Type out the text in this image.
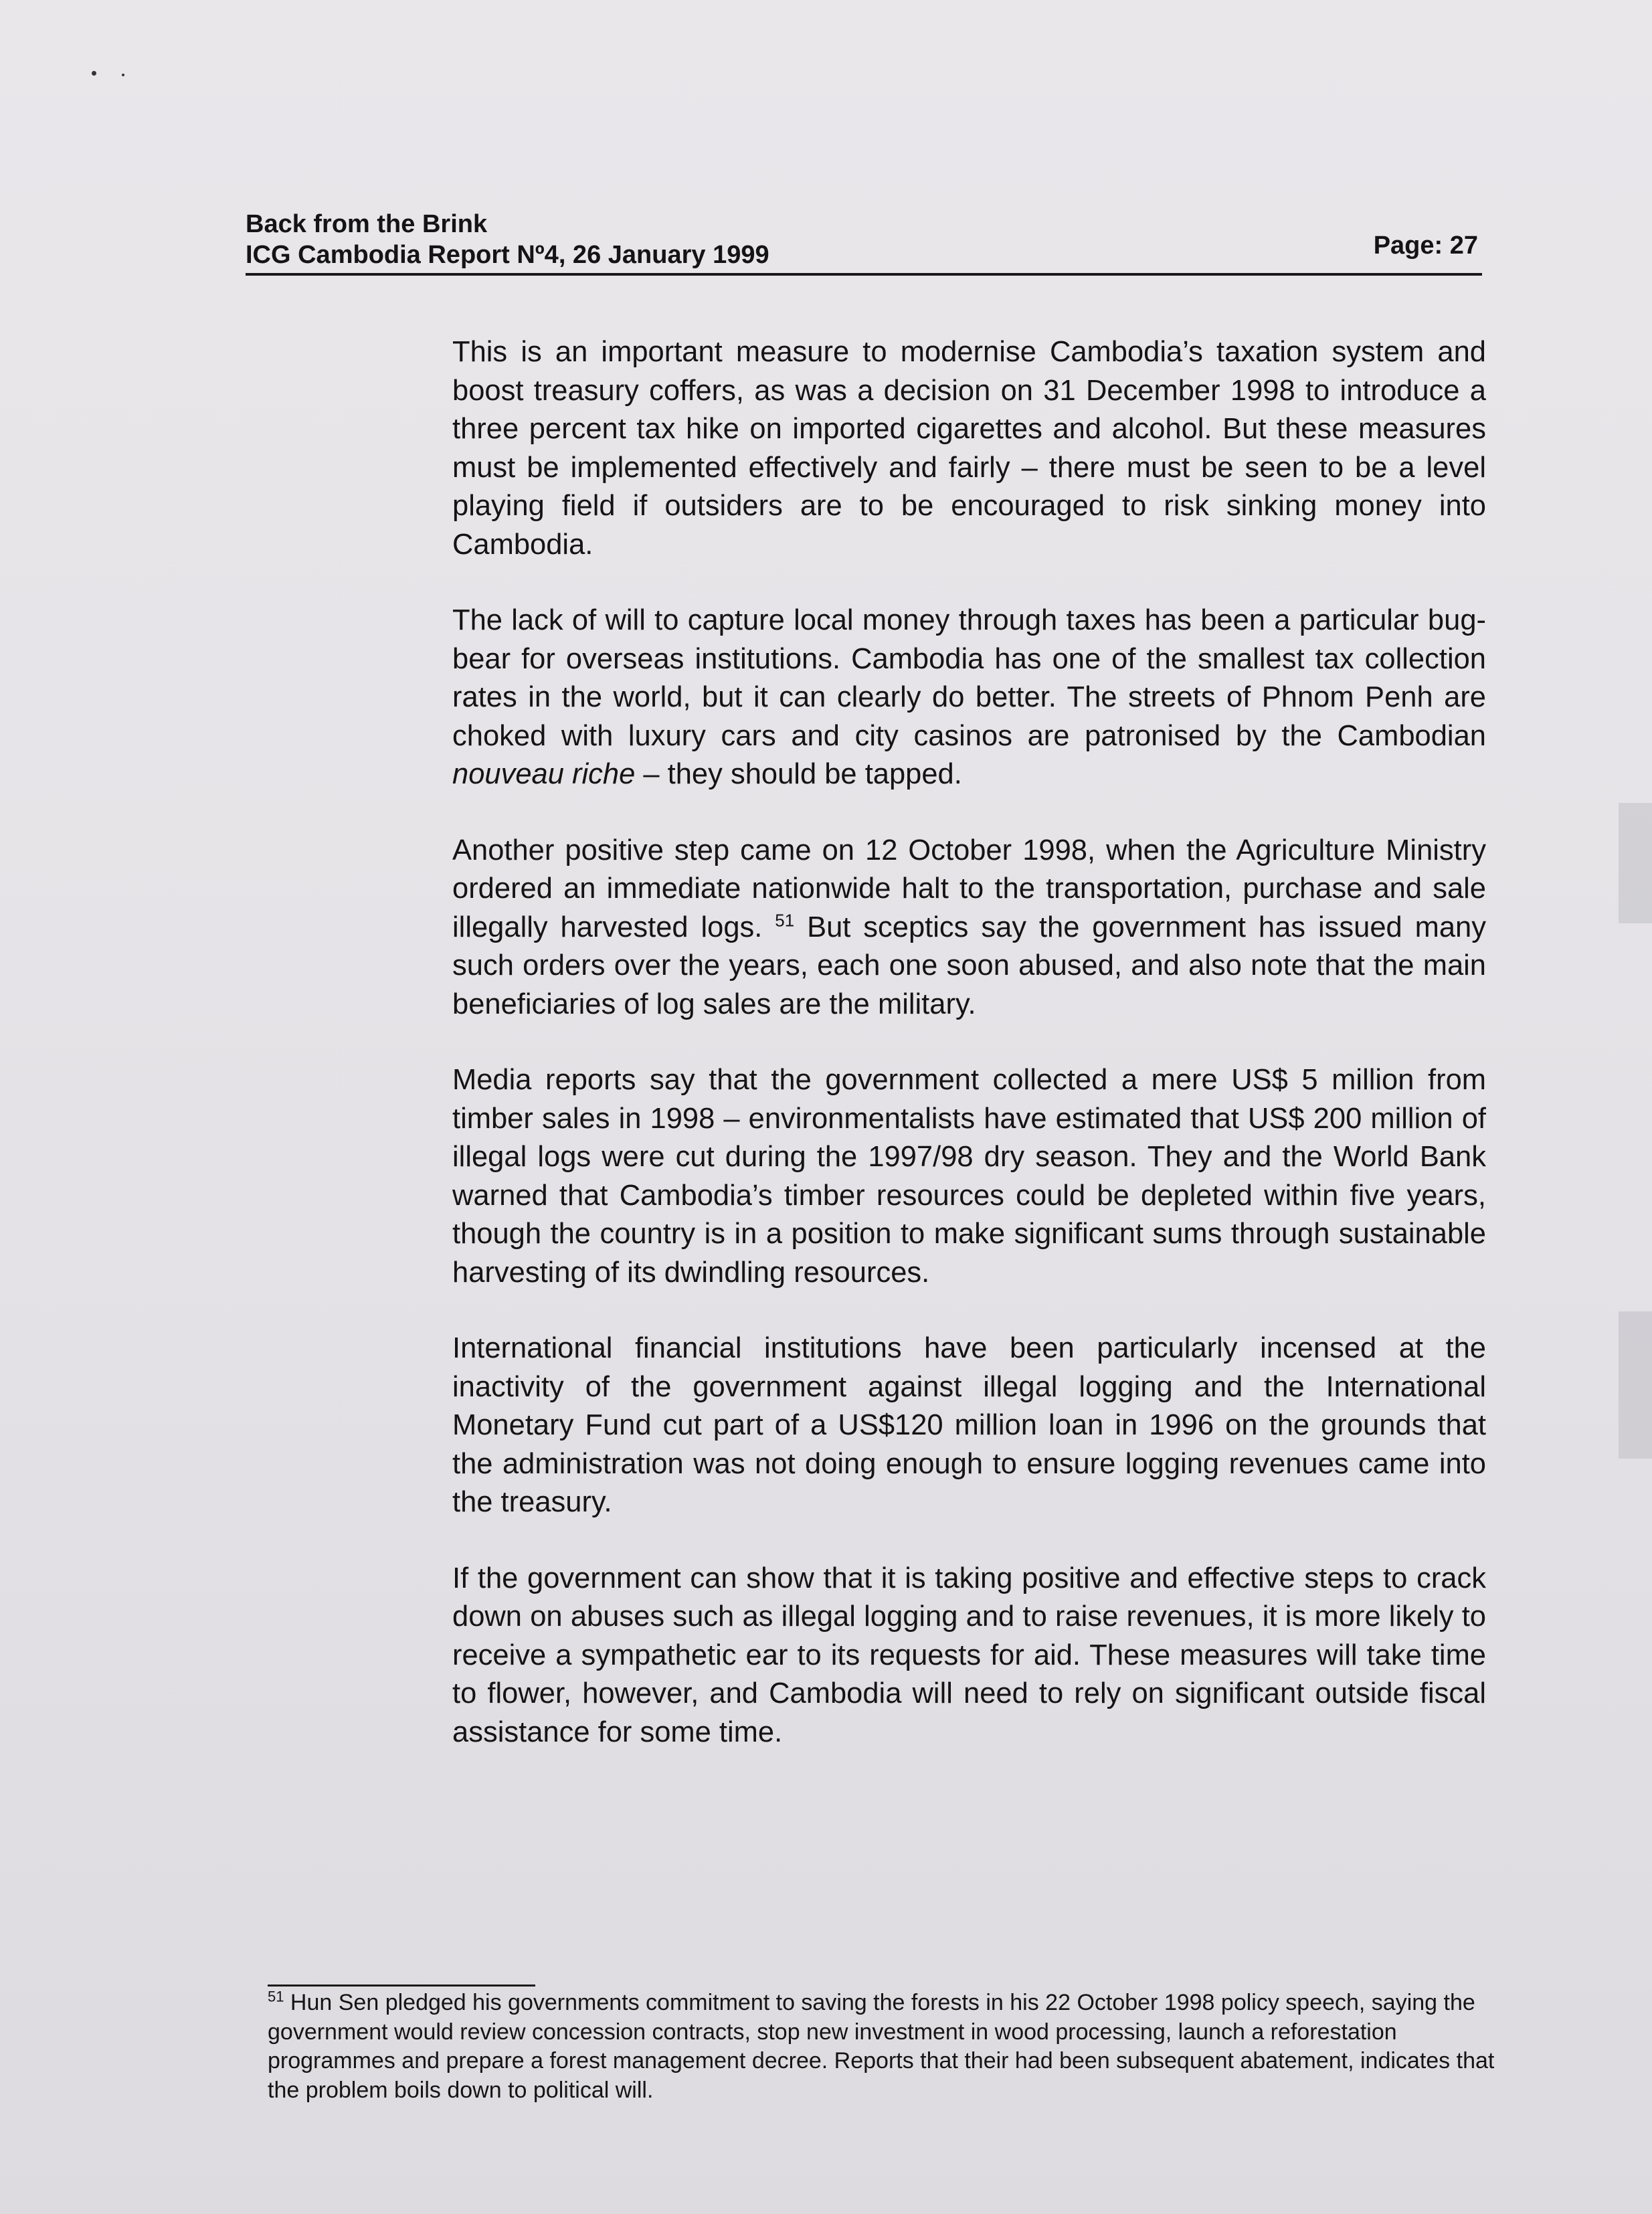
Back from the Brink
ICG Cambodia Report Nº4, 26 January 1999	Page: 27

This is an important measure to modernise Cambodia’s taxation system and boost treasury coffers, as was a decision on 31 December 1998 to introduce a three percent tax hike on imported cigarettes and alcohol. But these measures must be implemented effectively and fairly – there must be seen to be a level playing field if outsiders are to be encouraged to risk sinking money into Cambodia.

The lack of will to capture local money through taxes has been a particular bug-bear for overseas institutions. Cambodia has one of the smallest tax collection rates in the world, but it can clearly do better. The streets of Phnom Penh are choked with luxury cars and city casinos are patronised by the Cambodian nouveau riche – they should be tapped.

Another positive step came on 12 October 1998, when the Agriculture Ministry ordered an immediate nationwide halt to the transportation, purchase and sale illegally harvested logs. $^{51}$ But sceptics say the government has issued many such orders over the years, each one soon abused, and also note that the main beneficiaries of log sales are the military.

Media reports say that the government collected a mere US$ 5 million from timber sales in 1998 – environmentalists have estimated that US$ 200 million of illegal logs were cut during the 1997/98 dry season. They and the World Bank warned that Cambodia’s timber resources could be depleted within five years, though the country is in a position to make significant sums through sustainable harvesting of its dwindling resources.

International financial institutions have been particularly incensed at the inactivity of the government against illegal logging and the International Monetary Fund cut part of a US$120 million loan in 1996 on the grounds that the administration was not doing enough to ensure logging revenues came into the treasury.

If the government can show that it is taking positive and effective steps to crack down on abuses such as illegal logging and to raise revenues, it is more likely to receive a sympathetic ear to its requests for aid. These measures will take time to flower, however, and Cambodia will need to rely on significant outside fiscal assistance for some time.

$^{51}$ Hun Sen pledged his governments commitment to saving the forests in his 22 October 1998 policy speech, saying the government would review concession contracts, stop new investment in wood processing, launch a reforestation programmes and prepare a forest management decree. Reports that their had been subsequent abatement, indicates that the problem boils down to political will.
